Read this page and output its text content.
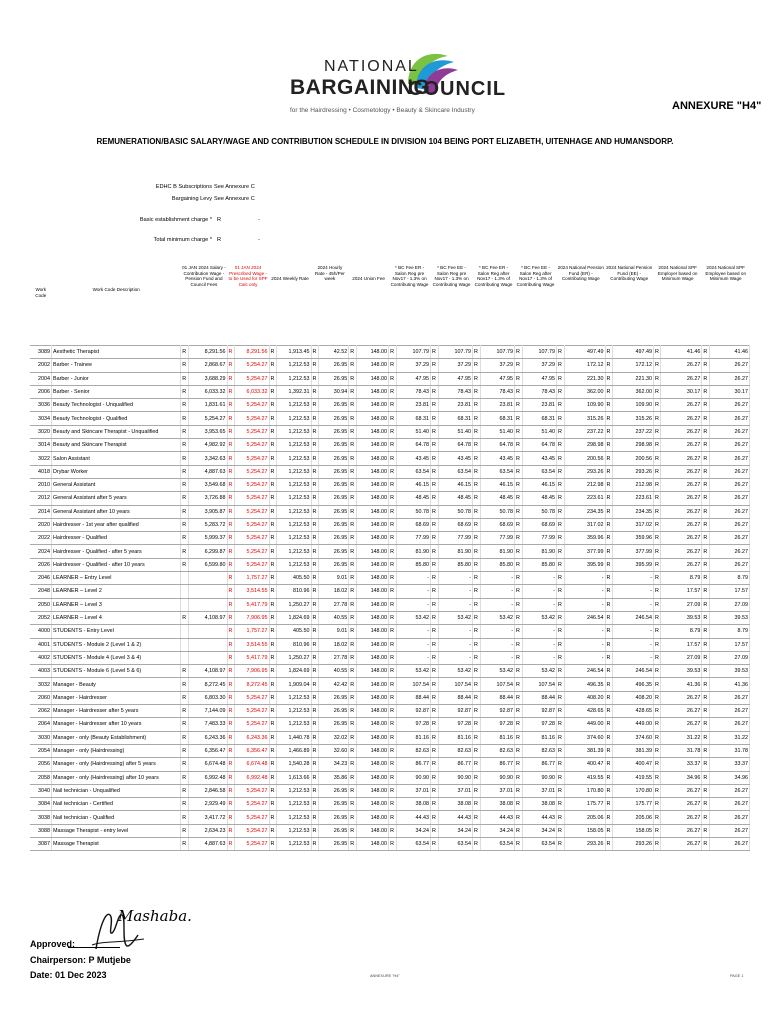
NATIONAL
BARGAINING
COUNCIL
for the Hairdressing • Cosmetology • Beauty & Skincare Industry	ANNEXURE "H4"
REMUNERATION/BASIC SALARY/WAGE AND CONTRIBUTION SCHEDULE IN DIVISION 104 BEING PORT ELIZABETH, UITENHAGE AND HUMANSDORP.
EDHC B Subscriptions See Annexure C
Bargaining Levy See Annexure C
Basic establishment charge * R	-
Total minimum charge * R	-
Work Code	Work Code Description	01 JAN 2024 Salary - Contribution Wage - Pension Fund and Council Fees		01 JAN 2024 Prescribed Wage - to be Used for SPF Calc only		2024 Weekly Rate		2024 Hourly Rate - 45h/Per week		2024 Union Fee		* BC Fee ER - Salon Reg pre Nov17 - 1.3% on Contributing Wage		* BC Fee EE - Salon Reg pre Nov17 - 1.3% on Contributing Wage		* BC Fee ER - Salon Reg after Nov17 - 1.3% of Contributing Wage		* BC Fee EE - Salon Reg after Nov17 - 1.3% of Contributing Wage		2024 National Pension Fund (ER) - Contributing Wage		2024 National Pension Fund (EE) - Contributing Wage		2024 National SPF Employer based on Minimum Wage		2024 National SPF Employee based on Minimum Wage	
3089	Aesthetic Therapist	R	8,291.56	R	8,291.56	R	1,913.45	R	42.52	R	148.00	R	107.79	R	107.79	R	107.79	R	107.79	R	497.49	R	497.49	R	41.46	R	41.46
2002	Barber - Trainee	R	2,868.67	R	5,254.27	R	1,212.53	R	26.95	R	148.00	R	37.29	R	37.29	R	37.29	R	37.29	R	172.12	R	172.12	R	26.27	R	26.27
2004	Barber - Junior	R	3,688.29	R	5,254.27	R	1,212.53	R	26.95	R	148.00	R	47.95	R	47.95	R	47.95	R	47.95	R	221.30	R	221.30	R	26.27	R	26.27
2006	Barber - Senior	R	6,033.32	R	6,033.32	R	1,392.31	R	30.94	R	148.00	R	78.43	R	78.43	R	78.43	R	78.43	R	362.00	R	362.00	R	30.17	R	30.17
3036	Beauty Technologist - Unqualified	R	1,831.61	R	5,254.27	R	1,212.53	R	26.95	R	148.00	R	23.81	R	23.81	R	23.81	R	23.81	R	109.90	R	109.90	R	26.27	R	26.27
3034	Beauty Technologist - Qualified	R	5,254.27	R	5,254.27	R	1,212.53	R	26.95	R	148.00	R	68.31	R	68.31	R	68.31	R	68.31	R	315.26	R	315.26	R	26.27	R	26.27
3020	Beauty and Skincare Therapist - Unqualified	R	3,953.65	R	5,254.27	R	1,212.53	R	26.95	R	148.00	R	51.40	R	51.40	R	51.40	R	51.40	R	237.22	R	237.22	R	26.27	R	26.27
3014	Beauty and Skincare Therapist	R	4,982.92	R	5,254.27	R	1,212.53	R	26.95	R	148.00	R	64.78	R	64.78	R	64.78	R	64.78	R	298.98	R	298.98	R	26.27	R	26.27
3022	Salon Assistant	R	3,342.63	R	5,254.27	R	1,212.53	R	26.95	R	148.00	R	43.45	R	43.45	R	43.45	R	43.45	R	200.56	R	200.56	R	26.27	R	26.27
4018	Drybar Worker	R	4,887.63	R	5,254.27	R	1,212.53	R	26.95	R	148.00	R	63.54	R	63.54	R	63.54	R	63.54	R	293.26	R	293.26	R	26.27	R	26.27
2010	General Assistant	R	3,549.68	R	5,254.27	R	1,212.53	R	26.95	R	148.00	R	46.15	R	46.15	R	46.15	R	46.15	R	212.98	R	212.98	R	26.27	R	26.27
2012	General Assistant after 5 years	R	3,726.88	R	5,254.27	R	1,212.53	R	26.95	R	148.00	R	48.45	R	48.45	R	48.45	R	48.45	R	223.61	R	223.61	R	26.27	R	26.27
2014	General Assistant after 10 years	R	3,905.87	R	5,254.27	R	1,212.53	R	26.95	R	148.00	R	50.78	R	50.78	R	50.78	R	50.78	R	234.35	R	234.35	R	26.27	R	26.27
2020	Hairdresser - 1st year after qualified	R	5,283.72	R	5,254.27	R	1,212.53	R	26.95	R	148.00	R	68.69	R	68.69	R	68.69	R	68.69	R	317.02	R	317.02	R	26.27	R	26.27
2022	Hairdresser - Qualified	R	5,999.37	R	5,254.27	R	1,212.53	R	26.95	R	148.00	R	77.99	R	77.99	R	77.99	R	77.99	R	359.96	R	359.96	R	26.27	R	26.27
2024	Hairdresser - Qualified - after 5 years	R	6,299.87	R	5,254.27	R	1,212.53	R	26.95	R	148.00	R	81.90	R	81.90	R	81.90	R	81.90	R	377.99	R	377.99	R	26.27	R	26.27
2026	Hairdresser - Qualified - after 10 years	R	6,599.80	R	5,254.27	R	1,212.53	R	26.95	R	148.00	R	85.80	R	85.80	R	85.80	R	85.80	R	395.99	R	395.99	R	26.27	R	26.27
2046	LEARNER – Entry Level			R	1,757.27	R	405.50	R	9.01	R	148.00	R	-	R	-	R	-	R	-	R	-	R	-	R	8.79	R	8.79
2048	LEARNER – Level 2			R	3,514.55	R	810.96	R	18.02	R	148.00	R	-	R	-	R	-	R	-	R	-	R	-	R	17.57	R	17.57
2050	LEARNER – Level 3			R	5,417.79	R	1,250.27	R	27.78	R	148.00	R	-	R	-	R	-	R	-	R	-	R	-	R	27.09	R	27.09
2052	LEARNER – Level 4	R	4,108.97	R	7,906.95	R	1,824.69	R	40.55	R	148.00	R	53.42	R	53.42	R	53.42	R	53.42	R	246.54	R	246.54	R	39.53	R	39.53
4000	STUDENTS - Entry Level			R	1,757.27	R	405.50	R	9.01	R	148.00	R	-	R	-	R	-	R	-	R	-	R	-	R	8.79	R	8.79
4001	STUDENTS - Module 2 (Level 1 & 2)			R	3,514.55	R	810.96	R	18.02	R	148.00	R	-	R	-	R	-	R	-	R	-	R	-	R	17.57	R	17.57
4002	STUDENTS - Module 4 (Level 3 & 4)			R	5,417.79	R	1,250.27	R	27.78	R	148.00	R	-	R	-	R	-	R	-	R	-	R	-	R	27.09	R	27.09
4003	STUDENTS - Module 6 (Level 5 & 6)	R	4,108.97	R	7,906.95	R	1,824.69	R	40.55	R	148.00	R	53.42	R	53.42	R	53.42	R	53.42	R	246.54	R	246.54	R	39.53	R	39.53
3032	Manager - Beauty	R	8,272.45	R	8,272.45	R	1,909.04	R	42.42	R	148.00	R	107.54	R	107.54	R	107.54	R	107.54	R	496.35	R	496.35	R	41.36	R	41.36
2060	Manager - Hairdresser	R	6,803.30	R	5,254.27	R	1,212.53	R	26.95	R	148.00	R	88.44	R	88.44	R	88.44	R	88.44	R	408.20	R	408.20	R	26.27	R	26.27
2062	Manager - Hairdresser after 5 years	R	7,144.09	R	5,254.27	R	1,212.53	R	26.95	R	148.00	R	92.87	R	92.87	R	92.87	R	92.87	R	428.65	R	428.65	R	26.27	R	26.27
2064	Manager - Hairdresser after 10 years	R	7,483.33	R	5,254.27	R	1,212.53	R	26.95	R	148.00	R	97.28	R	97.28	R	97.28	R	97.28	R	449.00	R	449.00	R	26.27	R	26.27
3030	Manager - only (Beauty Establishment)	R	6,243.36	R	6,243.36	R	1,440.78	R	32.02	R	148.00	R	81.16	R	81.16	R	81.16	R	81.16	R	374.60	R	374.60	R	31.22	R	31.22
2054	Manager - only (Hairdressing)	R	6,356.47	R	6,356.47	R	1,466.89	R	32.60	R	148.00	R	82.63	R	82.63	R	82.63	R	82.63	R	381.39	R	381.39	R	31.78	R	31.78
2056	Manager - only (Hairdressing) after 5 years	R	6,674.48	R	6,674.48	R	1,540.28	R	34.23	R	148.00	R	86.77	R	86.77	R	86.77	R	86.77	R	400.47	R	400.47	R	33.37	R	33.37
2058	Manager - only (Hairdressing) after 10 years	R	6,992.48	R	6,992.48	R	1,613.66	R	35.86	R	148.00	R	90.90	R	90.90	R	90.90	R	90.90	R	419.55	R	419.55	R	34.96	R	34.96
3040	Nail technician - Unqualified	R	2,846.58	R	5,254.27	R	1,212.53	R	26.95	R	148.00	R	37.01	R	37.01	R	37.01	R	37.01	R	170.80	R	170.80	R	26.27	R	26.27
3084	Nail technician - Certified	R	2,929.49	R	5,254.27	R	1,212.53	R	26.95	R	148.00	R	38.08	R	38.08	R	38.08	R	38.08	R	175.77	R	175.77	R	26.27	R	26.27
3038	Nail technician - Qualified	R	3,417.72	R	5,254.27	R	1,212.53	R	26.95	R	148.00	R	44.43	R	44.43	R	44.43	R	44.43	R	205.06	R	205.06	R	26.27	R	26.27
3088	Massage Therapist - entry level	R	2,634.23	R	5,254.27	R	1,212.53	R	26.95	R	148.00	R	34.24	R	34.24	R	34.24	R	34.24	R	158.05	R	158.05	R	26.27	R	26.27
3087	Massage Therapist	R	4,887.63	R	5,254.27	R	1,212.53	R	26.95	R	148.00	R	63.54	R	63.54	R	63.54	R	63.54	R	293.26	R	293.26	R	26.27	R	26.27
Mashaba.
Approved:
Chairperson: P Mutjebe
Date: 01 Dec 2023	ANNEXURE "H4"	PAGE 1
